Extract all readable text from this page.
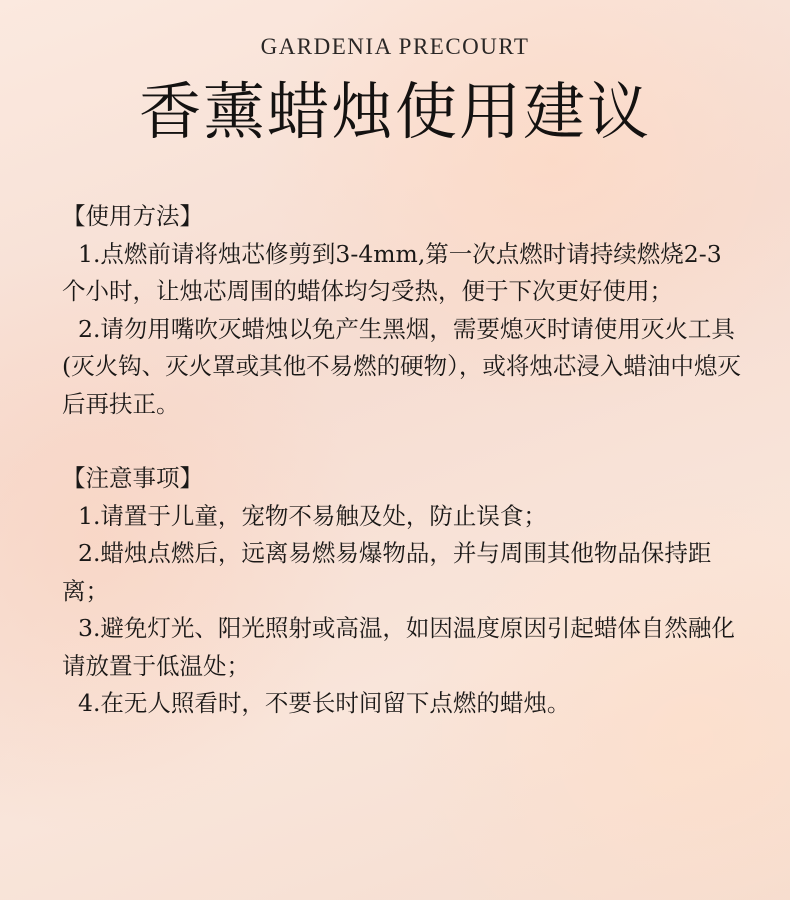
GARDENIA PRECOURT
香薰蜡烛使用建议

【使用方法】

1.点燃前请将烛芯修剪到3-4mm,第一次点燃时请持续燃烧2-3个小时，让烛芯周围的蜡体均匀受热，便于下次更好使用；

2.请勿用嘴吹灭蜡烛以免产生黑烟，需要熄灭时请使用灭火工具(灭火钩、灭火罩或其他不易燃的硬物），或将烛芯浸入蜡油中熄灭后再扶正。

【注意事项】

1.请置于儿童，宠物不易触及处，防止误食；

2.蜡烛点燃后，远离易燃易爆物品，并与周围其他物品保持距离；

3.避免灯光、阳光照射或高温，如因温度原因引起蜡体自然融化请放置于低温处；

4.在无人照看时，不要长时间留下点燃的蜡烛。
